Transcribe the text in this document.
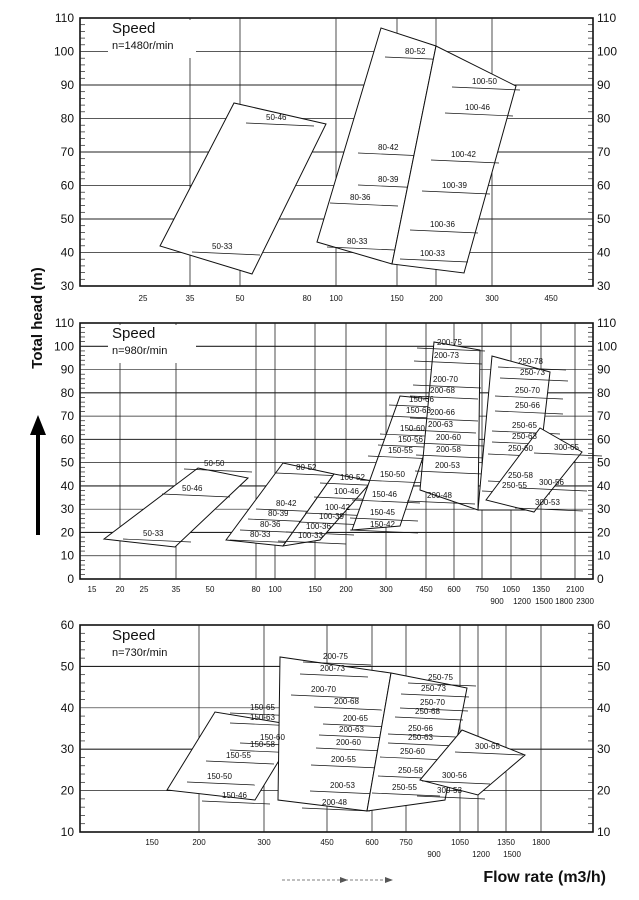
30	30
40	40
50	50
60	60
70	70
80	80
90	90
100	100
110	110
25	35	50	80 100	150	200	300	450
Speed
n=1480r/min
50-46
50-33
80-52
80-42
80-39
80-36
80-33
100-50
100-46
100-42
100-39
100-36
100-33
0	0
10	10
20	20
30	30
40	40
50	50
60	60
70	70
80	80
90	90
100	100
110	110
15 20 25	35	50	80 100	150 200	300	450 600 750 1050 1350 2100
900 1200 1500 1800 2300
Speed
n=980r/min
50-50
50-46
50-33
80-52
80-42
80-39
80-36
80-33
100-52
100-46
100-42
100-39
100-36
100-33
150-66
150-63
150-60
150-56
150-55
150-50
150-46
150-45
150-42
200-75
200-73
200-70
200-68
200-66
200-63
200-60
200-58
200-53
200-48
250-78
250-73
250-70
250-66
250-65
250-63
250-60
250-58
250-55
300-65
300-56
300-53
10	10
20	20
30	30
40	40
50	50
60	60
150	200	300	450	600	750	1050	1350 1800
900	1200 1500
Speed
n=730r/min
150-65
150-63
150-60
150-58
150-55
150-50
150-46
200-75
200-73
200-70
200-68
200-65
200-63
200-60
200-55
200-53
200-48
250-75
250-73
250-70
250-68
250-66
250-63
250-60
250-58
250-55
300-65
300-56
300-53
Total head (m)
Flow rate (m3/h)
